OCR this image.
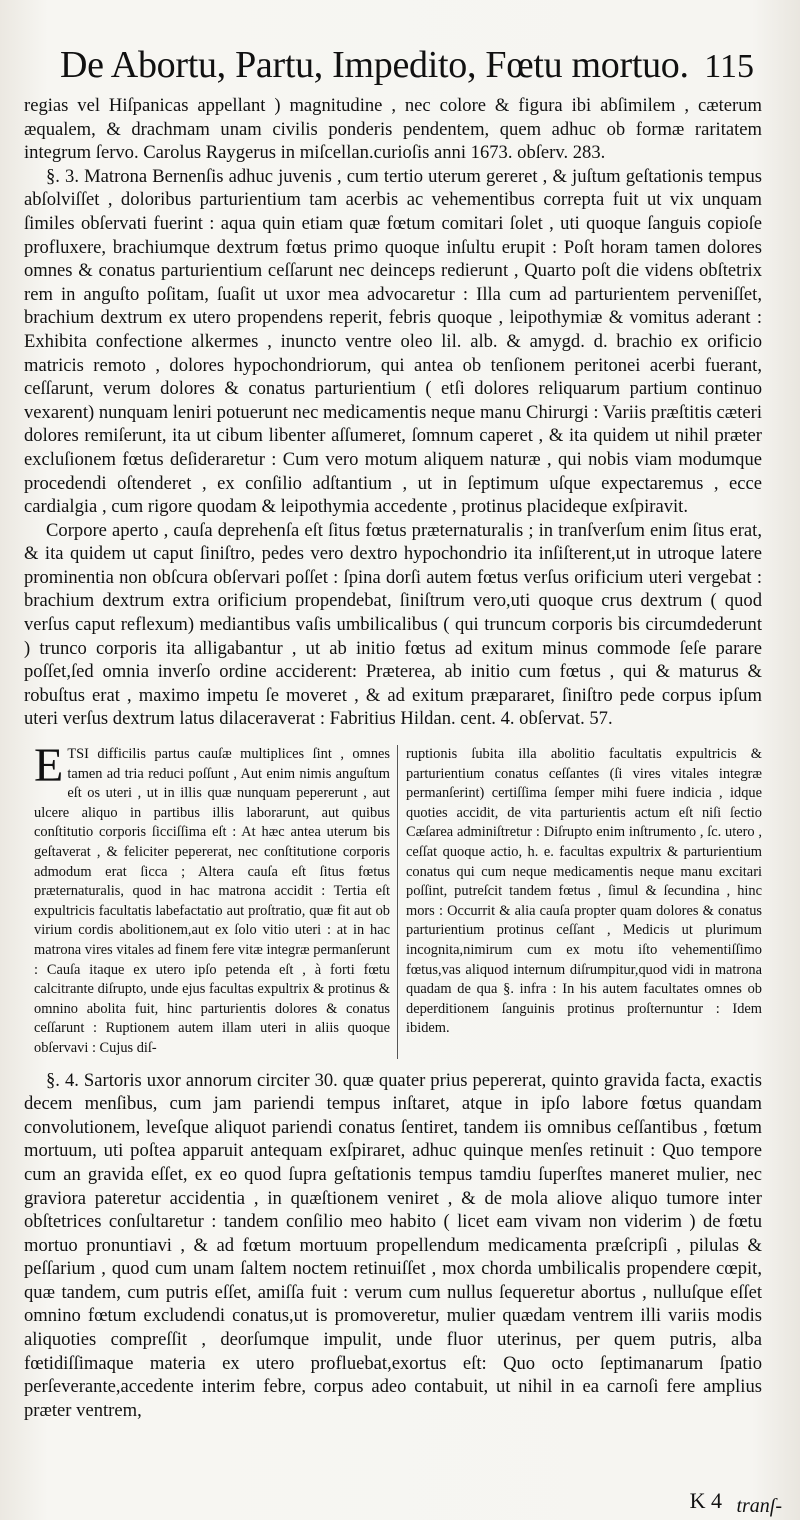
De Abortu, Partu, Impedito, Fœtu mortuo. 115

regias vel Hiſpanicas appellant ) magnitudine , nec colore & figura ibi abſimilem , cæterum æqualem, & drachmam unam civilis ponderis pendentem, quem adhuc ob formæ raritatem integrum ſervo. Carolus Raygerus in miſcellan.curioſis anni 1673. obſerv. 283.

§. 3. Matrona Bernenſis adhuc juvenis , cum tertio uterum gereret , & juſtum geſtationis tempus abſolviſſet , doloribus parturientium tam acerbis ac vehementibus correpta fuit ut vix unquam ſimiles obſervati fuerint : aqua quin etiam quæ fœtum comitari ſolet , uti quoque ſanguis copioſe profluxere, brachiumque dextrum fœtus primo quoque inſultu erupit : Poſt horam tamen dolores omnes & conatus parturientium ceſſarunt nec deinceps redierunt , Quarto poſt die videns obſtetrix rem in anguſto poſitam, ſuaſit ut uxor mea advocaretur : Illa cum ad parturientem perveniſſet, brachium dextrum ex utero propendens reperit, febris quoque , leipothymiæ & vomitus aderant : Exhibita confectione alkermes , inuncto ventre oleo lil. alb. & amygd. d. brachio ex orificio matricis remoto , dolores hypochondriorum, qui antea ob tenſionem peritonei acerbi fuerant, ceſſarunt, verum dolores & conatus parturientium ( etſi dolores reliquarum partium continuo vexarent) nunquam leniri potuerunt nec medicamentis neque manu Chirurgi : Variis præſtitis cæteri dolores remiſerunt, ita ut cibum libenter aſſumeret, ſomnum caperet , & ita quidem ut nihil præter excluſionem fœtus deſideraretur : Cum vero motum aliquem naturæ , qui nobis viam modumque procedendi oſtenderet , ex conſilio adſtantium , ut in ſeptimum uſque expectaremus , ecce cardialgia , cum rigore quodam & leipothymia accedente , protinus placideque exſpiravit.

Corpore aperto , cauſa deprehenſa eſt ſitus fœtus præternaturalis ; in tranſverſum enim ſitus erat, & ita quidem ut caput ſiniſtro, pedes vero dextro hypochondrio ita inſiſterent,ut in utroque latere prominentia non obſcura obſervari poſſet : ſpina dorſi autem fœtus verſus orificium uteri vergebat : brachium dextrum extra orificium propendebat, ſiniſtrum vero,uti quoque crus dextrum ( quod verſus caput reflexum) mediantibus vaſis umbilicalibus ( qui truncum corporis bis circumdederunt ) trunco corporis ita alligabantur , ut ab initio fœtus ad exitum minus commode ſeſe parare poſſet,ſed omnia inverſo ordine acciderent: Præterea, ab initio cum fœtus , qui & maturus & robuſtus erat , maximo impetu ſe moveret , & ad exitum præpararet, ſiniſtro pede corpus ipſum uteri verſus dextrum latus dilaceraverat : Fabritius Hildan. cent. 4. obſervat. 57.

E TSI difficilis partus cauſæ multiplices ſint , omnes tamen ad tria reduci poſſunt , Aut enim nimis anguſtum eſt os uteri , ut in illis quæ nunquam pepererunt , aut ulcere aliquo in partibus illis laborarunt, aut quibus conſtitutio corporis ſicciſſima eſt : At hæc antea uterum bis geſtaverat , & feliciter pepererat, nec conſtitutione corporis admodum erat ſicca ; Altera cauſa eſt ſitus fœtus præternaturalis, quod in hac matrona accidit : Tertia eſt expultricis facultatis labefactatio aut proſtratio, quæ fit aut ob virium cordis abolitionem,aut ex ſolo vitio uteri : at in hac matrona vires vitales ad finem fere vitæ integræ permanſerunt : Cauſa itaque ex utero ipſo petenda eſt , à forti fœtu calcitrante diſrupto, unde ejus facultas expultrix & protinus & omnino abolita fuit, hinc parturientis dolores & conatus ceſſarunt : Ruptionem autem illam uteri in aliis quoque obſervavi : Cujus diſ-
ruptionis ſubita illa abolitio facultatis expultricis & parturientium conatus ceſſantes (ſi vires vitales integræ permanſerint) certiſſima ſemper mihi fuere indicia , idque quoties accidit, de vita parturientis actum eſt niſi ſectio Cæſarea adminiſtretur : Diſrupto enim inſtrumento , ſc. utero , ceſſat quoque actio, h. e. facultas expultrix & parturientium conatus qui cum neque medicamentis neque manu excitari poſſint, putreſcit tandem fœtus , ſimul & ſecundina , hinc mors : Occurrit & alia cauſa propter quam dolores & conatus parturientium protinus ceſſant , Medicis ut plurimum incognita,nimirum cum ex motu iſto vehementiſſimo fœtus,vas aliquod internum diſrumpitur,quod vidi in matrona quadam de qua §. infra : In his autem facultates omnes ob deperditionem ſanguinis protinus proſternuntur : Idem ibidem.

§. 4. Sartoris uxor annorum circiter 30. quæ quater prius pepererat, quinto gravida facta, exactis decem menſibus, cum jam pariendi tempus inſtaret, atque in ipſo labore fœtus quandam convolutionem, leveſque aliquot pariendi conatus ſentiret, tandem iis omnibus ceſſantibus , fœtum mortuum, uti poſtea apparuit antequam exſpiraret, adhuc quinque menſes retinuit : Quo tempore cum an gravida eſſet, ex eo quod ſupra geſtationis tempus tamdiu ſuperſtes maneret mulier, nec graviora pateretur accidentia , in quæſtionem veniret , & de mola aliove aliquo tumore inter obſtetrices conſultaretur : tandem conſilio meo habito ( licet eam vivam non viderim ) de fœtu mortuo pronuntiavi , & ad fœtum mortuum propellendum medicamenta præſcripſi , pilulas & peſſarium , quod cum unam ſaltem noctem retinuiſſet , mox chorda umbilicalis propendere cœpit, quæ tandem, cum putris eſſet, amiſſa fuit : verum cum nullus ſequeretur abortus , nulluſque eſſet omnino fœtum excludendi conatus,ut is promoveretur, mulier quædam ventrem illi variis modis aliquoties compreſſit , deorſumque impulit, unde fluor uterinus, per quem putris, alba fœtidiſſimaque materia ex utero profluebat,exortus eſt: Quo octo ſeptimanarum ſpatio perſeverante,accedente interim febre, corpus adeo contabuit, ut nihil in ea carnoſi fere amplius præter ventrem,

K 4 tranſ-
